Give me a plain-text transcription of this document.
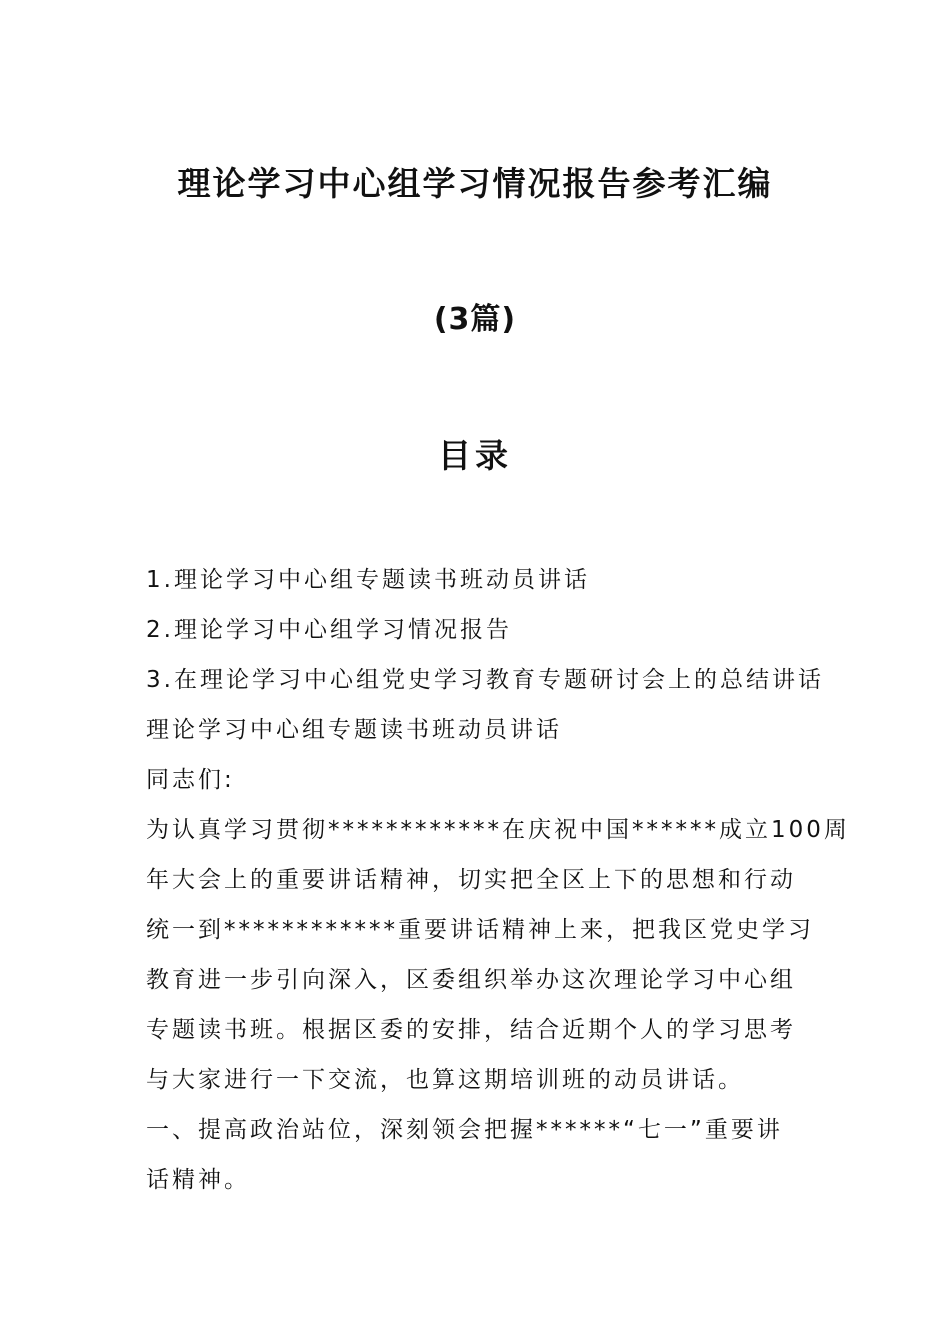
理论学习中心组学习情况报告参考汇编
(3篇)
目录

1.理论学习中心组专题读书班动员讲话

2.理论学习中心组学习情况报告

3.在理论学习中心组党史学习教育专题研讨会上的总结讲话

理论学习中心组专题读书班动员讲话

同志们:

为认真学习贯彻************在庆祝中国******成立100周

年大会上的重要讲话精神，切实把全区上下的思想和行动

统一到************重要讲话精神上来，把我区党史学习

教育进一步引向深入，区委组织举办这次理论学习中心组

专题读书班。根据区委的安排，结合近期个人的学习思考

与大家进行一下交流，也算这期培训班的动员讲话。

一、提高政治站位，深刻领会把握******“七一”重要讲

话精神。
